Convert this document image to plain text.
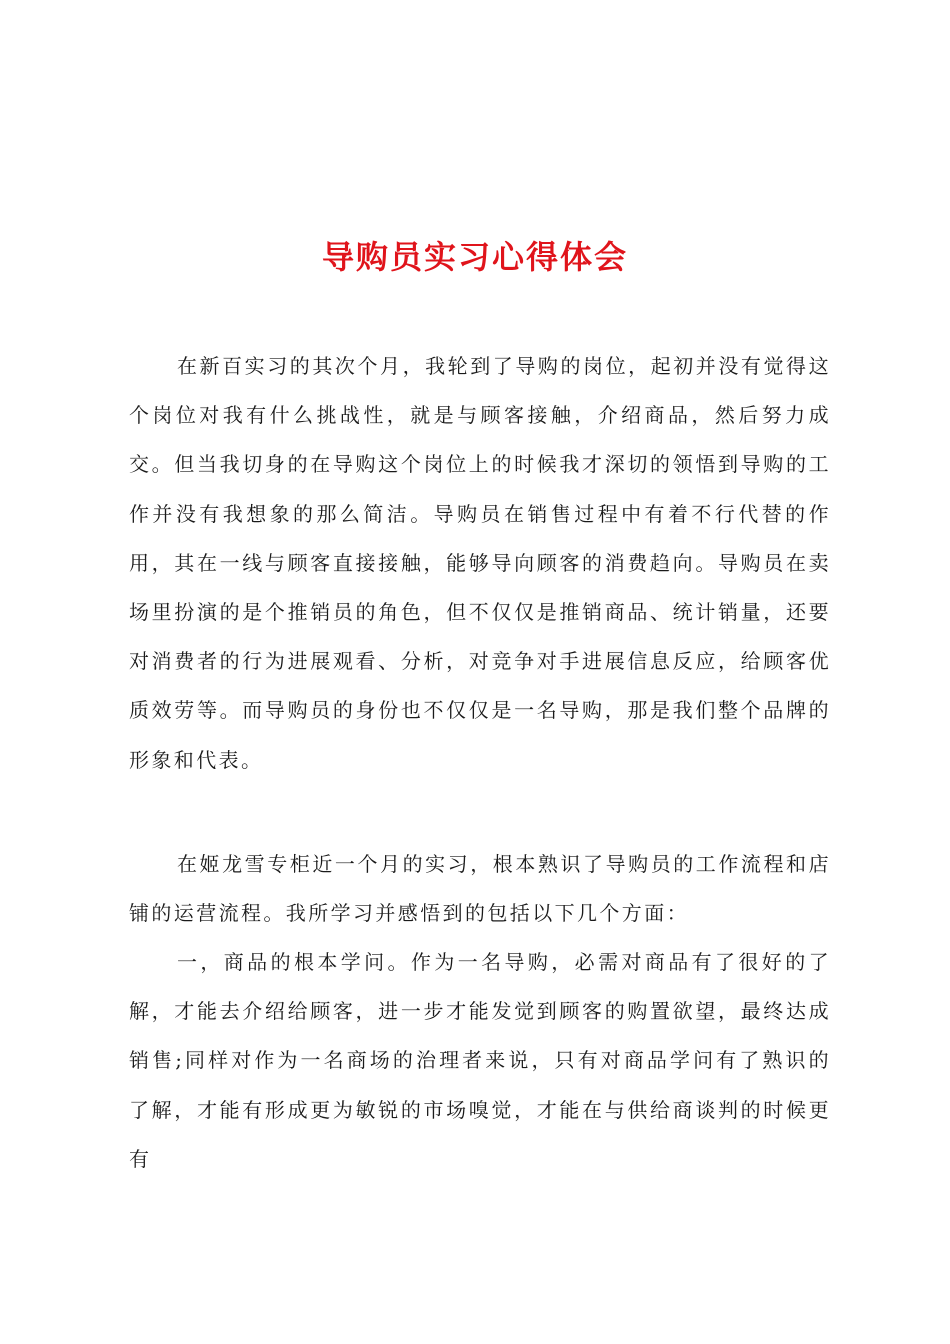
导购员实习心得体会

在新百实习的其次个月，我轮到了导购的岗位，起初并没有觉得这个岗位对我有什么挑战性，就是与顾客接触，介绍商品，然后努力成交。但当我切身的在导购这个岗位上的时候我才深切的领悟到导购的工作并没有我想象的那么简洁。导购员在销售过程中有着不行代替的作用，其在一线与顾客直接接触，能够导向顾客的消费趋向。导购员在卖场里扮演的是个推销员的角色，但不仅仅是推销商品、统计销量，还要对消费者的行为进展观看、分析，对竞争对手进展信息反应，给顾客优质效劳等。而导购员的身份也不仅仅是一名导购，那是我们整个品牌的形象和代表。

在姬龙雪专柜近一个月的实习，根本熟识了导购员的工作流程和店铺的运营流程。我所学习并感悟到的包括以下几个方面：

一，商品的根本学问。作为一名导购，必需对商品有了很好的了解，才能去介绍给顾客，进一步才能发觉到顾客的购置欲望，最终达成销售;同样对作为一名商场的治理者来说，只有对商品学问有了熟识的了解，才能有形成更为敏锐的市场嗅觉，才能在与供给商谈判的时候更有
